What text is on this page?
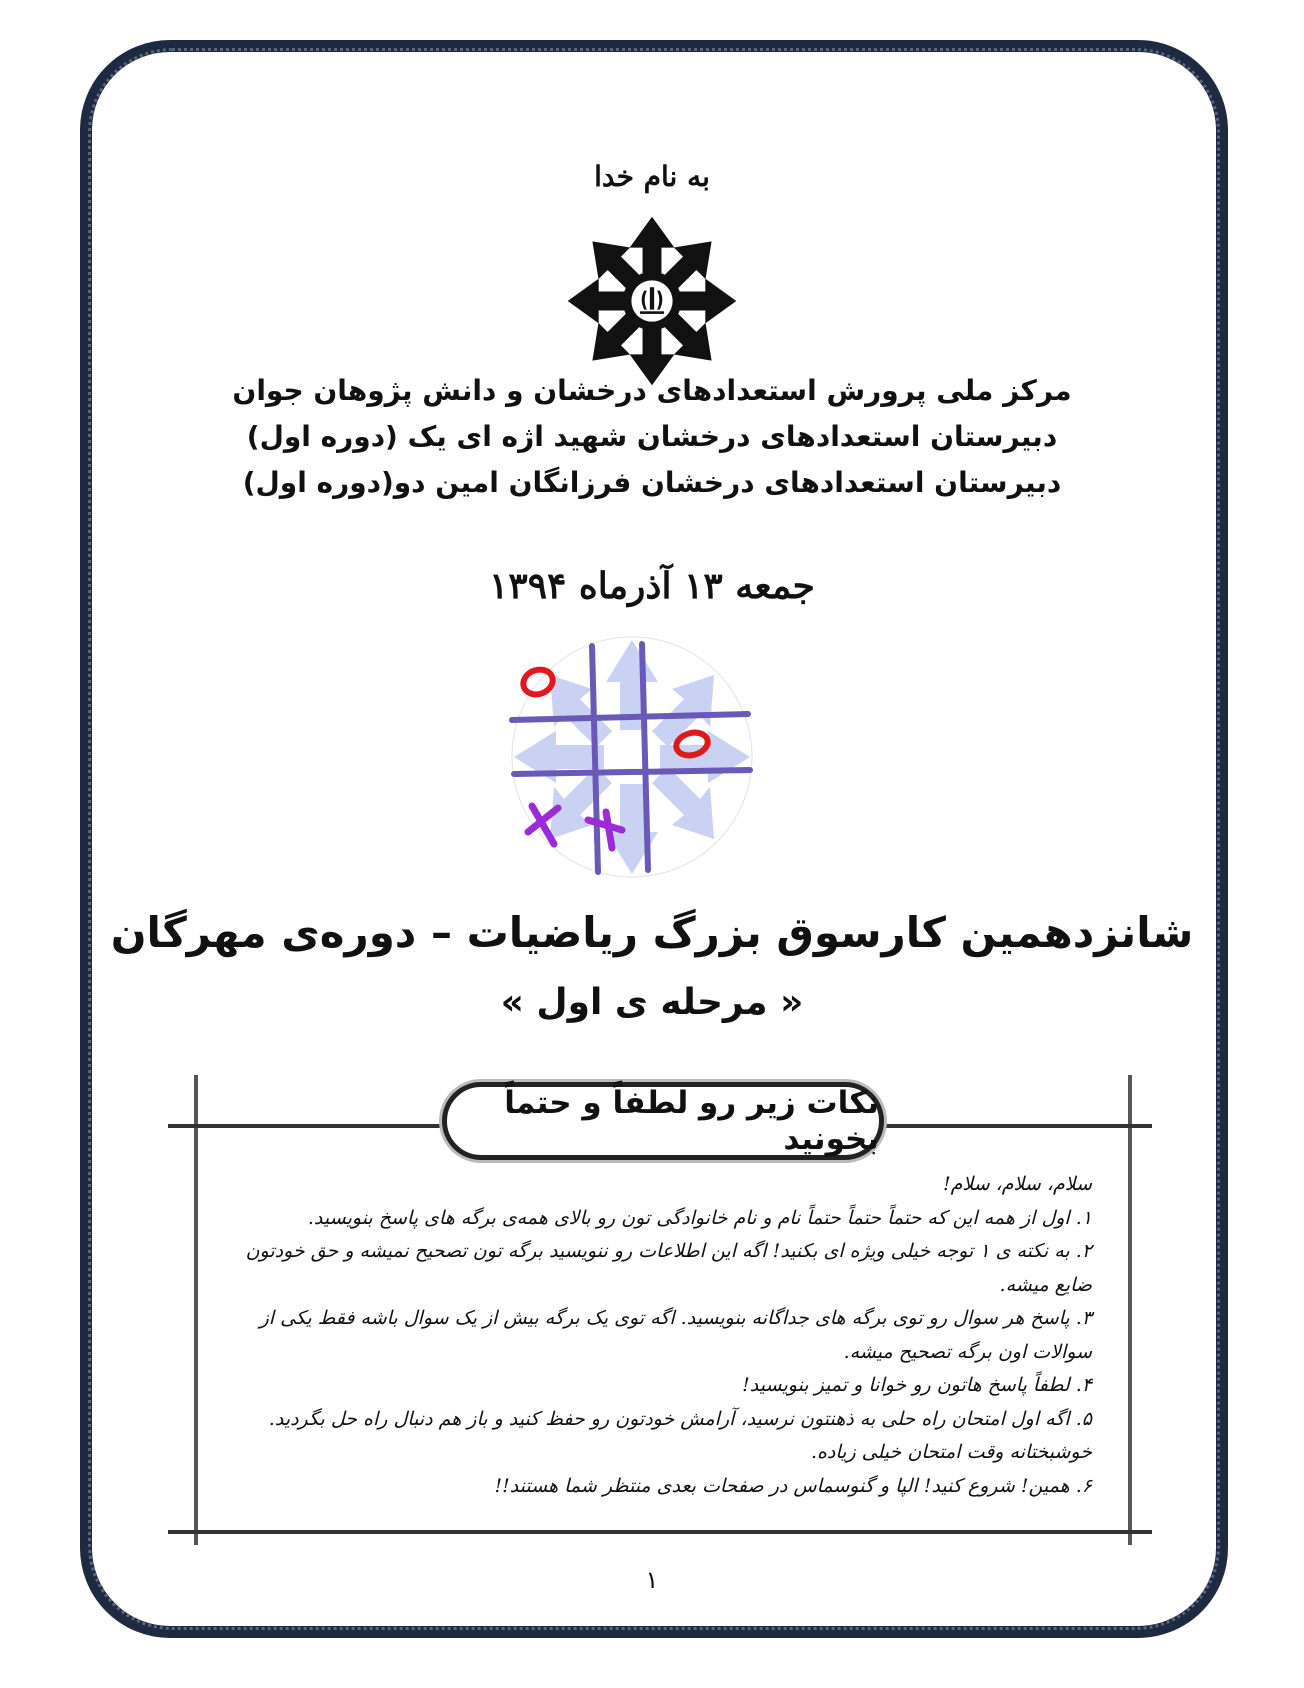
به نام خدا
مرکز ملی پرورش استعدادهای درخشان و دانش پژوهان جوان
دبیرستان استعدادهای درخشان شهید اژه ای یک (دوره اول)
دبیرستان استعدادهای درخشان فرزانگان امین دو(دوره اول)
جمعه ۱۳ آذرماه ۱۳۹۴
شانزدهمین کارسوق بزرگ ریاضیات – دوره‌ی مهرگان
« مرحله ی اول »
نکات زیر رو لطفاً و حتماً بخونید

سلام، سلام، سلام!

۱. اول از همه این که حتماً حتماً حتماً نام و نام خانوادگی تون رو بالای همه‌ی برگه های پاسخ بنویسید.

۲. به نکته ی ۱ توجه خیلی ویژه ای بکنید! اگه این اطلاعات رو ننویسید برگه تون تصحیح نمیشه و حق خودتون ضایع میشه.

۳. پاسخ هر سوال رو توی برگه های جداگانه بنویسید. اگه توی یک برگه بیش از یک سوال باشه فقط یکی از سوالات اون برگه تصحیح میشه.

۴. لطفاً پاسخ هاتون رو خوانا و تمیز بنویسید!

۵. اگه اول امتحان راه حلی به ذهنتون نرسید، آرامش خودتون رو حفظ کنید و باز هم دنبال راه حل بگردید. خوشبختانه وقت امتحان خیلی زیاده.

۶. همین! شروع کنید! الپا و گنوسماس در صفحات بعدی منتظر شما هستند!!

۱
